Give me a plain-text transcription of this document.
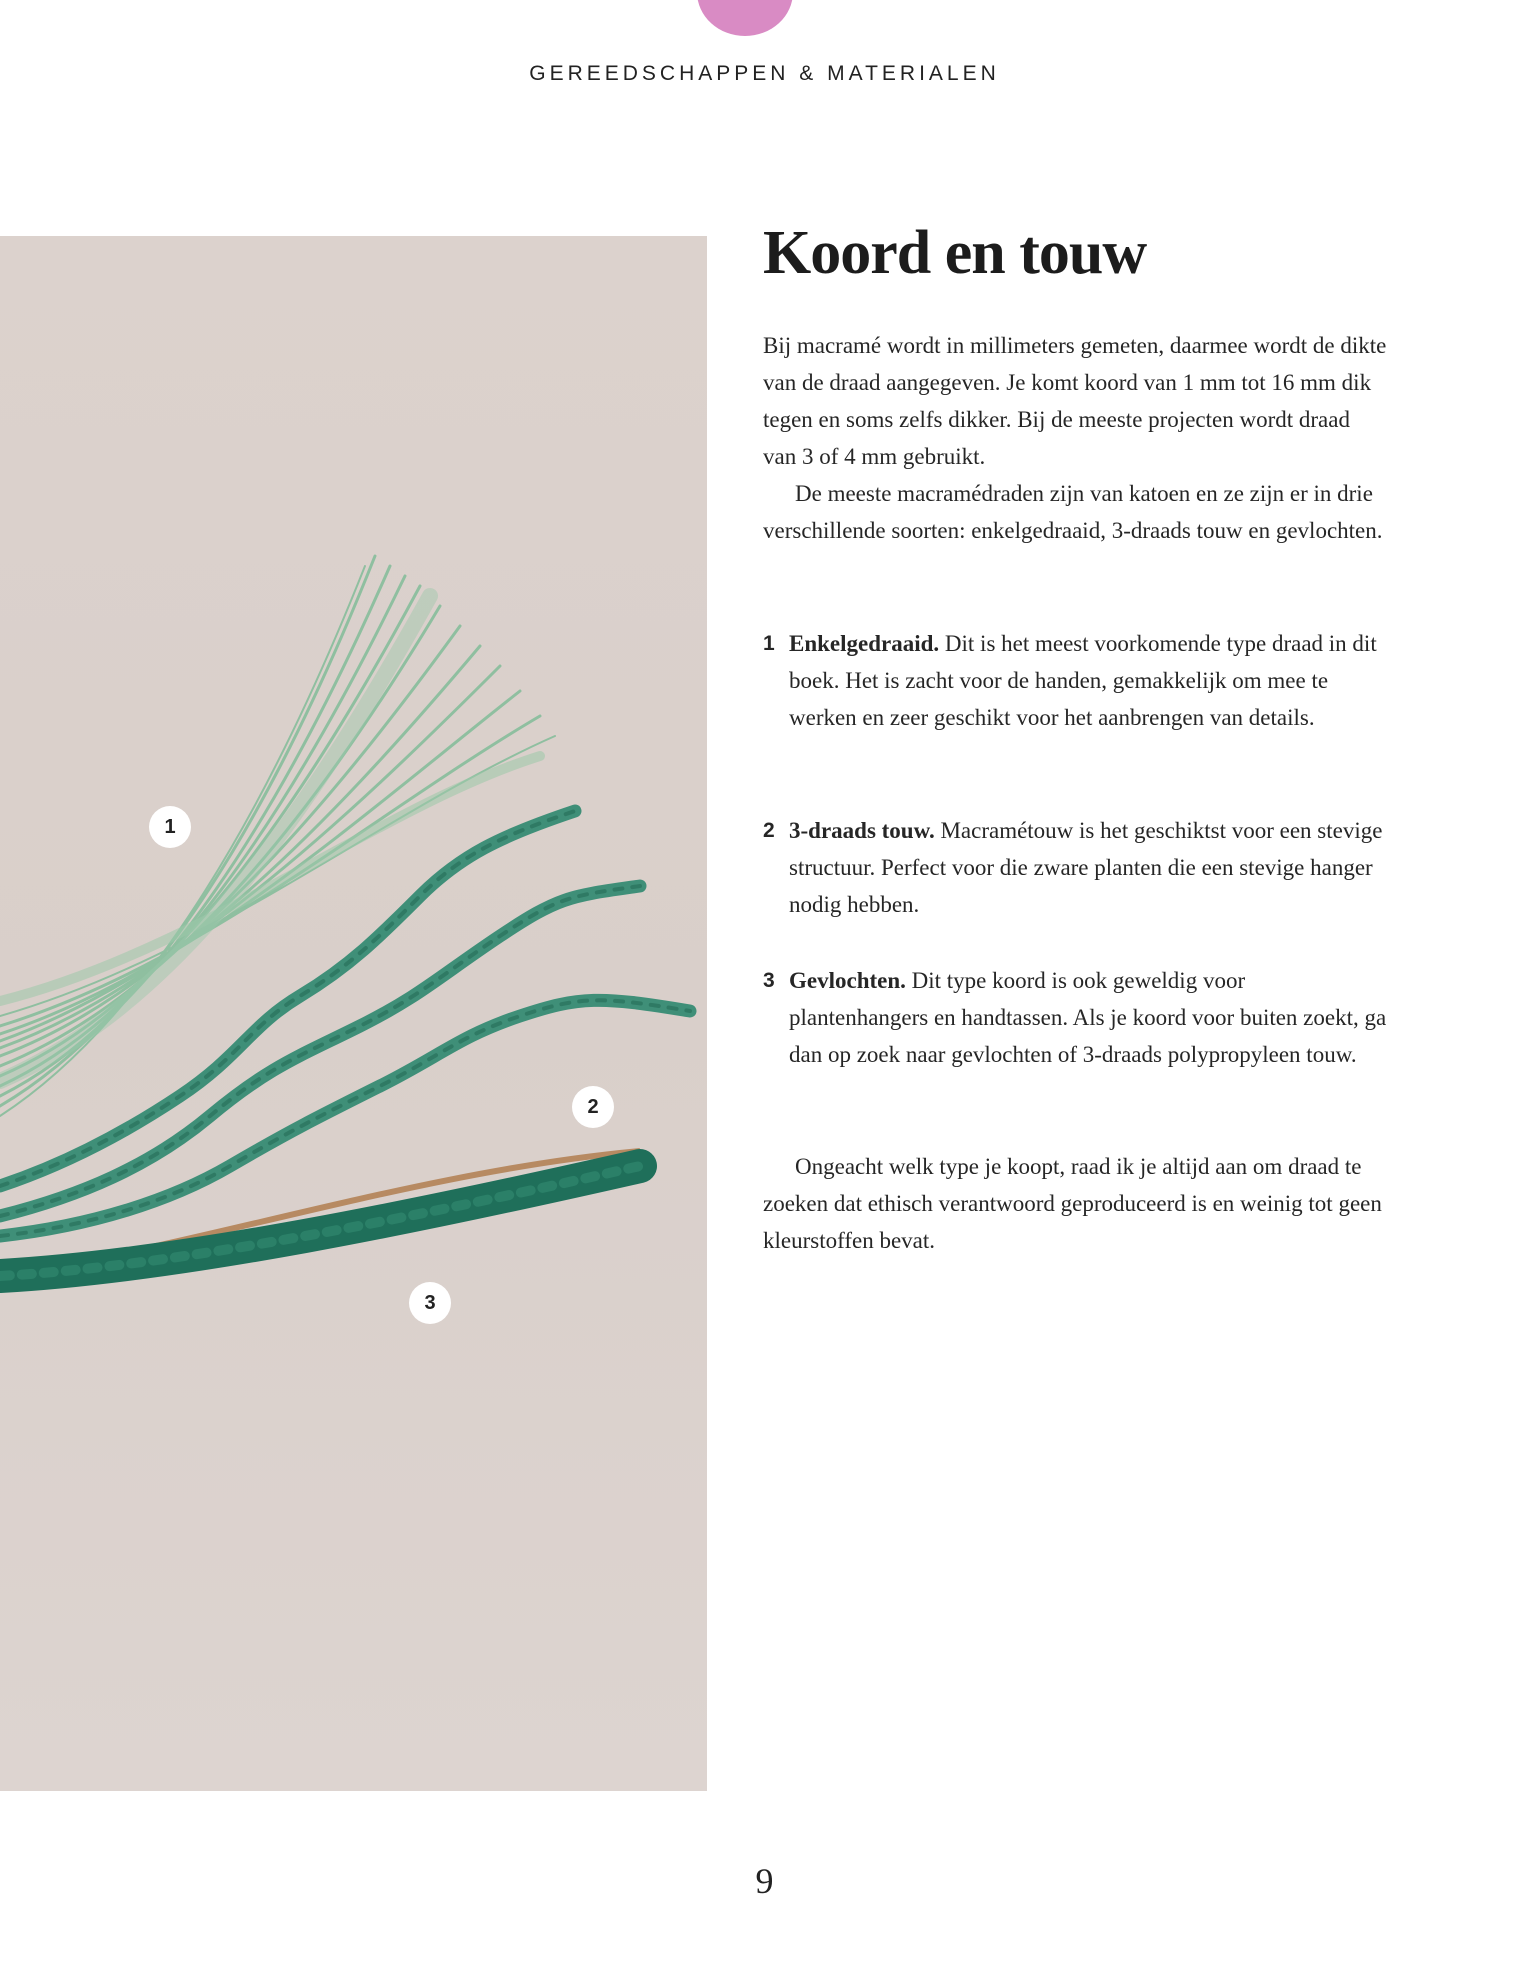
GEREEDSCHAPPEN & MATERIALEN
1
2
3
Koord en touw

Bij macramé wordt in millimeters gemeten, daarmee wordt de dikte van de draad aangegeven. Je komt koord van 1 mm tot 16 mm dik tegen en soms zelfs dikker. Bij de meeste projecten wordt draad van 3 of 4 mm gebruikt.

De meeste macramédraden zijn van katoen en ze zijn er in drie verschillende soorten: enkelgedraaid, 3-draads touw en gevlochten.

1 Enkelgedraaid. Dit is het meest voorkomende type draad in dit boek. Het is zacht voor de handen, gemakkelijk om mee te werken en zeer geschikt voor het aanbrengen van details.
2 3-draads touw. Macramétouw is het geschiktst voor een stevige structuur. Perfect voor die zware planten die een stevige hanger nodig hebben.
3 Gevlochten. Dit type koord is ook geweldig voor plantenhangers en handtassen. Als je koord voor buiten zoekt, ga dan op zoek naar gevlochten of 3-draads polypropyleen touw.

Ongeacht welk type je koopt, raad ik je altijd aan om draad te zoeken dat ethisch verantwoord geproduceerd is en weinig tot geen kleurstoffen bevat.

9
